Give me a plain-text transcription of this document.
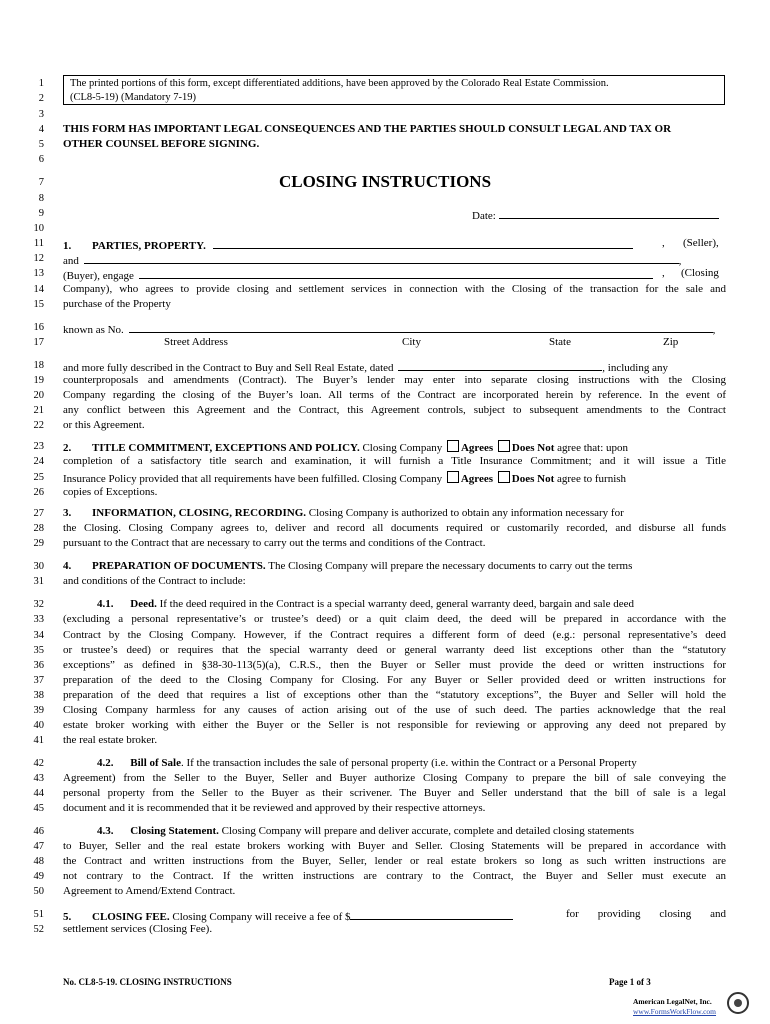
1
2
3
4
5
6
7
8
9
10
11
12
13
14
15
16
17
18
19
20
21
22
23
24
25
26
27
28
29
30
31
32
33
34
35
36
37
38
39
40
41
42
43
44
45
46
47
48
49
50
51
52
The printed portions of this form, except differentiated additions, have been approved by the Colorado Real Estate Commission.
(CL8-5-19) (Mandatory 7-19)
THIS FORM HAS IMPORTANT LEGAL CONSEQUENCES AND THE PARTIES SHOULD CONSULT LEGAL AND TAX OR
OTHER COUNSEL BEFORE SIGNING.
CLOSING INSTRUCTIONS
Date:
1. PARTIES, PROPERTY.	, (Seller),
and	,
(Buyer), engage	, (Closing
Company), who agrees to provide closing and settlement services in connection with the Closing of the transaction for the sale and
purchase of the Property
known as No.	,
Street Address	City	State	Zip
and more fully described in the Contract to Buy and Sell Real Estate, dated	, including any
counterproposals and amendments (Contract). The Buyer’s lender may enter into separate closing instructions with the Closing
Company regarding the closing of the Buyer’s loan. All terms of the Contract are incorporated herein by reference. In the event of
any conflict between this Agreement and the Contract, this Agreement controls, subject to subsequent amendments to the Contract
or this Agreement.
2. TITLE COMMITMENT, EXCEPTIONS AND POLICY. Closing Company Agrees Does Not agree that: upon
completion of a satisfactory title search and examination, it will furnish a Title Insurance Commitment; and it will issue a Title
Insurance Policy provided that all requirements have been fulfilled. Closing Company Agrees Does Not agree to furnish
copies of Exceptions.
3. INFORMATION, CLOSING, RECORDING. Closing Company is authorized to obtain any information necessary for
the Closing. Closing Company agrees to, deliver and record all documents required or customarily recorded, and disburse all funds
pursuant to the Contract that are necessary to carry out the terms and conditions of the Contract.
4. PREPARATION OF DOCUMENTS. The Closing Company will prepare the necessary documents to carry out the terms
and conditions of the Contract to include:
4.1. Deed. If the deed required in the Contract is a special warranty deed, general warranty deed, bargain and sale deed
(excluding a personal representative’s or trustee’s deed) or a quit claim deed, the deed will be prepared in accordance with the
Contract by the Closing Company. However, if the Contract requires a different form of deed (e.g.: personal representative’s deed
or trustee’s deed) or requires that the special warranty deed or general warranty deed list exceptions other than the “statutory
exceptions” as defined in §38-30-113(5)(a), C.R.S., then the Buyer or Seller must provide the deed or written instructions for
preparation of the deed to the Closing Company for Closing. For any Buyer or Seller provided deed or written instructions for
preparation of the deed that requires a list of exceptions other than the “statutory exceptions”, the Buyer and Seller will hold the
Closing Company harmless for any causes of action arising out of the use of such deed. The parties acknowledge that the real
estate broker working with either the Buyer or the Seller is not responsible for reviewing or approving any deed not prepared by
the real estate broker.
4.2. Bill of Sale. If the transaction includes the sale of personal property (i.e. within the Contract or a Personal Property
Agreement) from the Seller to the Buyer, Seller and Buyer authorize Closing Company to prepare the bill of sale conveying the
personal property from the Seller to the Buyer as their scrivener. The Buyer and Seller understand that the bill of sale is a legal
document and it is recommended that it be reviewed and approved by their respective attorneys.
4.3. Closing Statement. Closing Company will prepare and deliver accurate, complete and detailed closing statements
to Buyer, Seller and the real estate brokers working with Buyer and Seller. Closing Statements will be prepared in accordance with
the Contract and written instructions from the Buyer, Seller, lender or real estate brokers so long as such written instructions are
not contrary to the Contract. If the written instructions are contrary to the Contract, the Buyer and Seller must execute an
Agreement to Amend/Extend Contract.
5. CLOSING FEE. Closing Company will receive a fee of $	for providing closing and
settlement services (Closing Fee).
No. CL8-5-19. CLOSING INSTRUCTIONS	Page 1 of 3
American LegalNet, Inc.
www.FormsWorkFlow.com
